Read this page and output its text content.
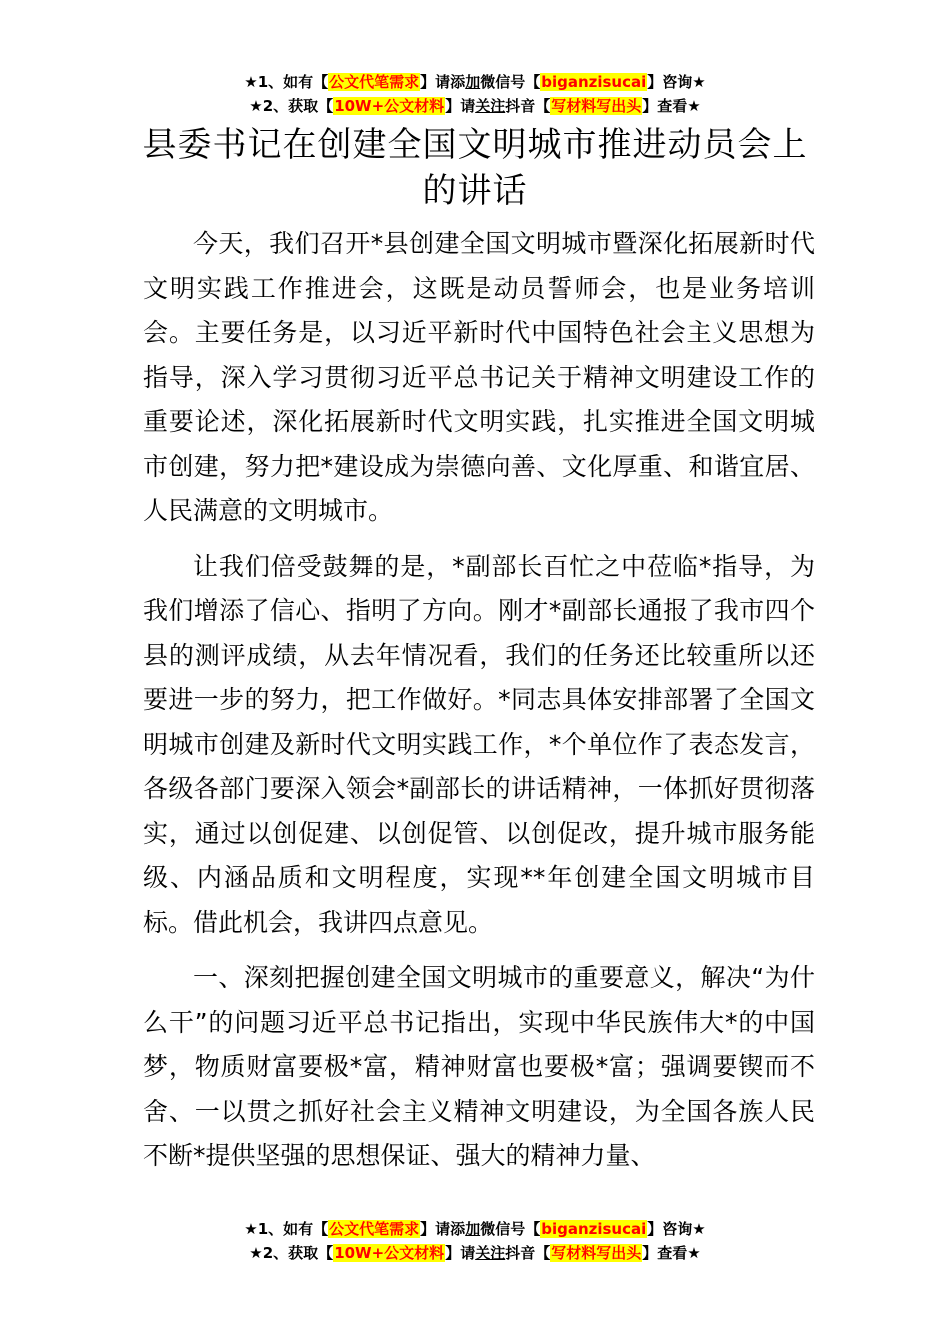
★1、如有【公文代笔需求】请添加微信号【biganzisucai】咨询★
★2、获取【10W+公文材料】请关注抖音【写材料写出头】查看★
县委书记在创建全国文明城市推进动员会上的讲话

今天，我们召开*县创建全国文明城市暨深化拓展新时代文明实践工作推进会，这既是动员誓师会，也是业务培训会。主要任务是，以习近平新时代中国特色社会主义思想为指导，深入学习贯彻习近平总书记关于精神文明建设工作的重要论述，深化拓展新时代文明实践，扎实推进全国文明城市创建，努力把*建设成为崇德向善、文化厚重、和谐宜居、人民满意的文明城市。

让我们倍受鼓舞的是，*副部长百忙之中莅临*指导，为我们增添了信心、指明了方向。刚才*副部长通报了我市四个县的测评成绩，从去年情况看，我们的任务还比较重所以还要进一步的努力，把工作做好。*同志具体安排部署了全国文明城市创建及新时代文明实践工作，*个单位作了表态发言，各级各部门要深入领会*副部长的讲话精神，一体抓好贯彻落实，通过以创促建、以创促管、以创促改，提升城市服务能级、内涵品质和文明程度，实现**年创建全国文明城市目标。借此机会，我讲四点意见。

一、深刻把握创建全国文明城市的重要意义，解决“为什么干”的问题习近平总书记指出，实现中华民族伟大*的中国梦，物质财富要极*富，精神财富也要极*富；强调要锲而不舍、一以贯之抓好社会主义精神文明建设，为全国各族人民不断*提供坚强的思想保证、强大的精神力量、

★1、如有【公文代笔需求】请添加微信号【biganzisucai】咨询★
★2、获取【10W+公文材料】请关注抖音【写材料写出头】查看★
